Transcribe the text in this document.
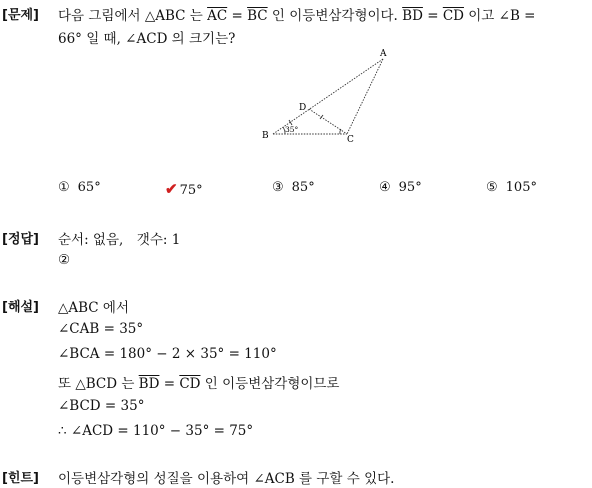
[문제] 다음 그림에서 △ABC 는 $\overline{AC} = \overline{BC}$ 인 이등변삼각형이다. $\overline{BD} = \overline{CD}$ 이고 ∠B =
66° 일 때, ∠ACD 의 크기는?
A
B	C
D
35°
① 65°	✔ 75°	③ 85°	④ 95°	⑤ 105°
[정답] 순서: 없음,　갯수: 1
②
[해설] △ABC 에서
∠CAB = 35°
∠BCA = 180° − 2 × 35° = 110°
또 △BCD 는 $\overline{BD} = \overline{CD}$ 인 이등변삼각형이므로
∠BCD = 35°
∴ ∠ACD = 110° − 35° = 75°
[힌트] 이등변삼각형의 성질을 이용하여 ∠ACB 를 구할 수 있다.
